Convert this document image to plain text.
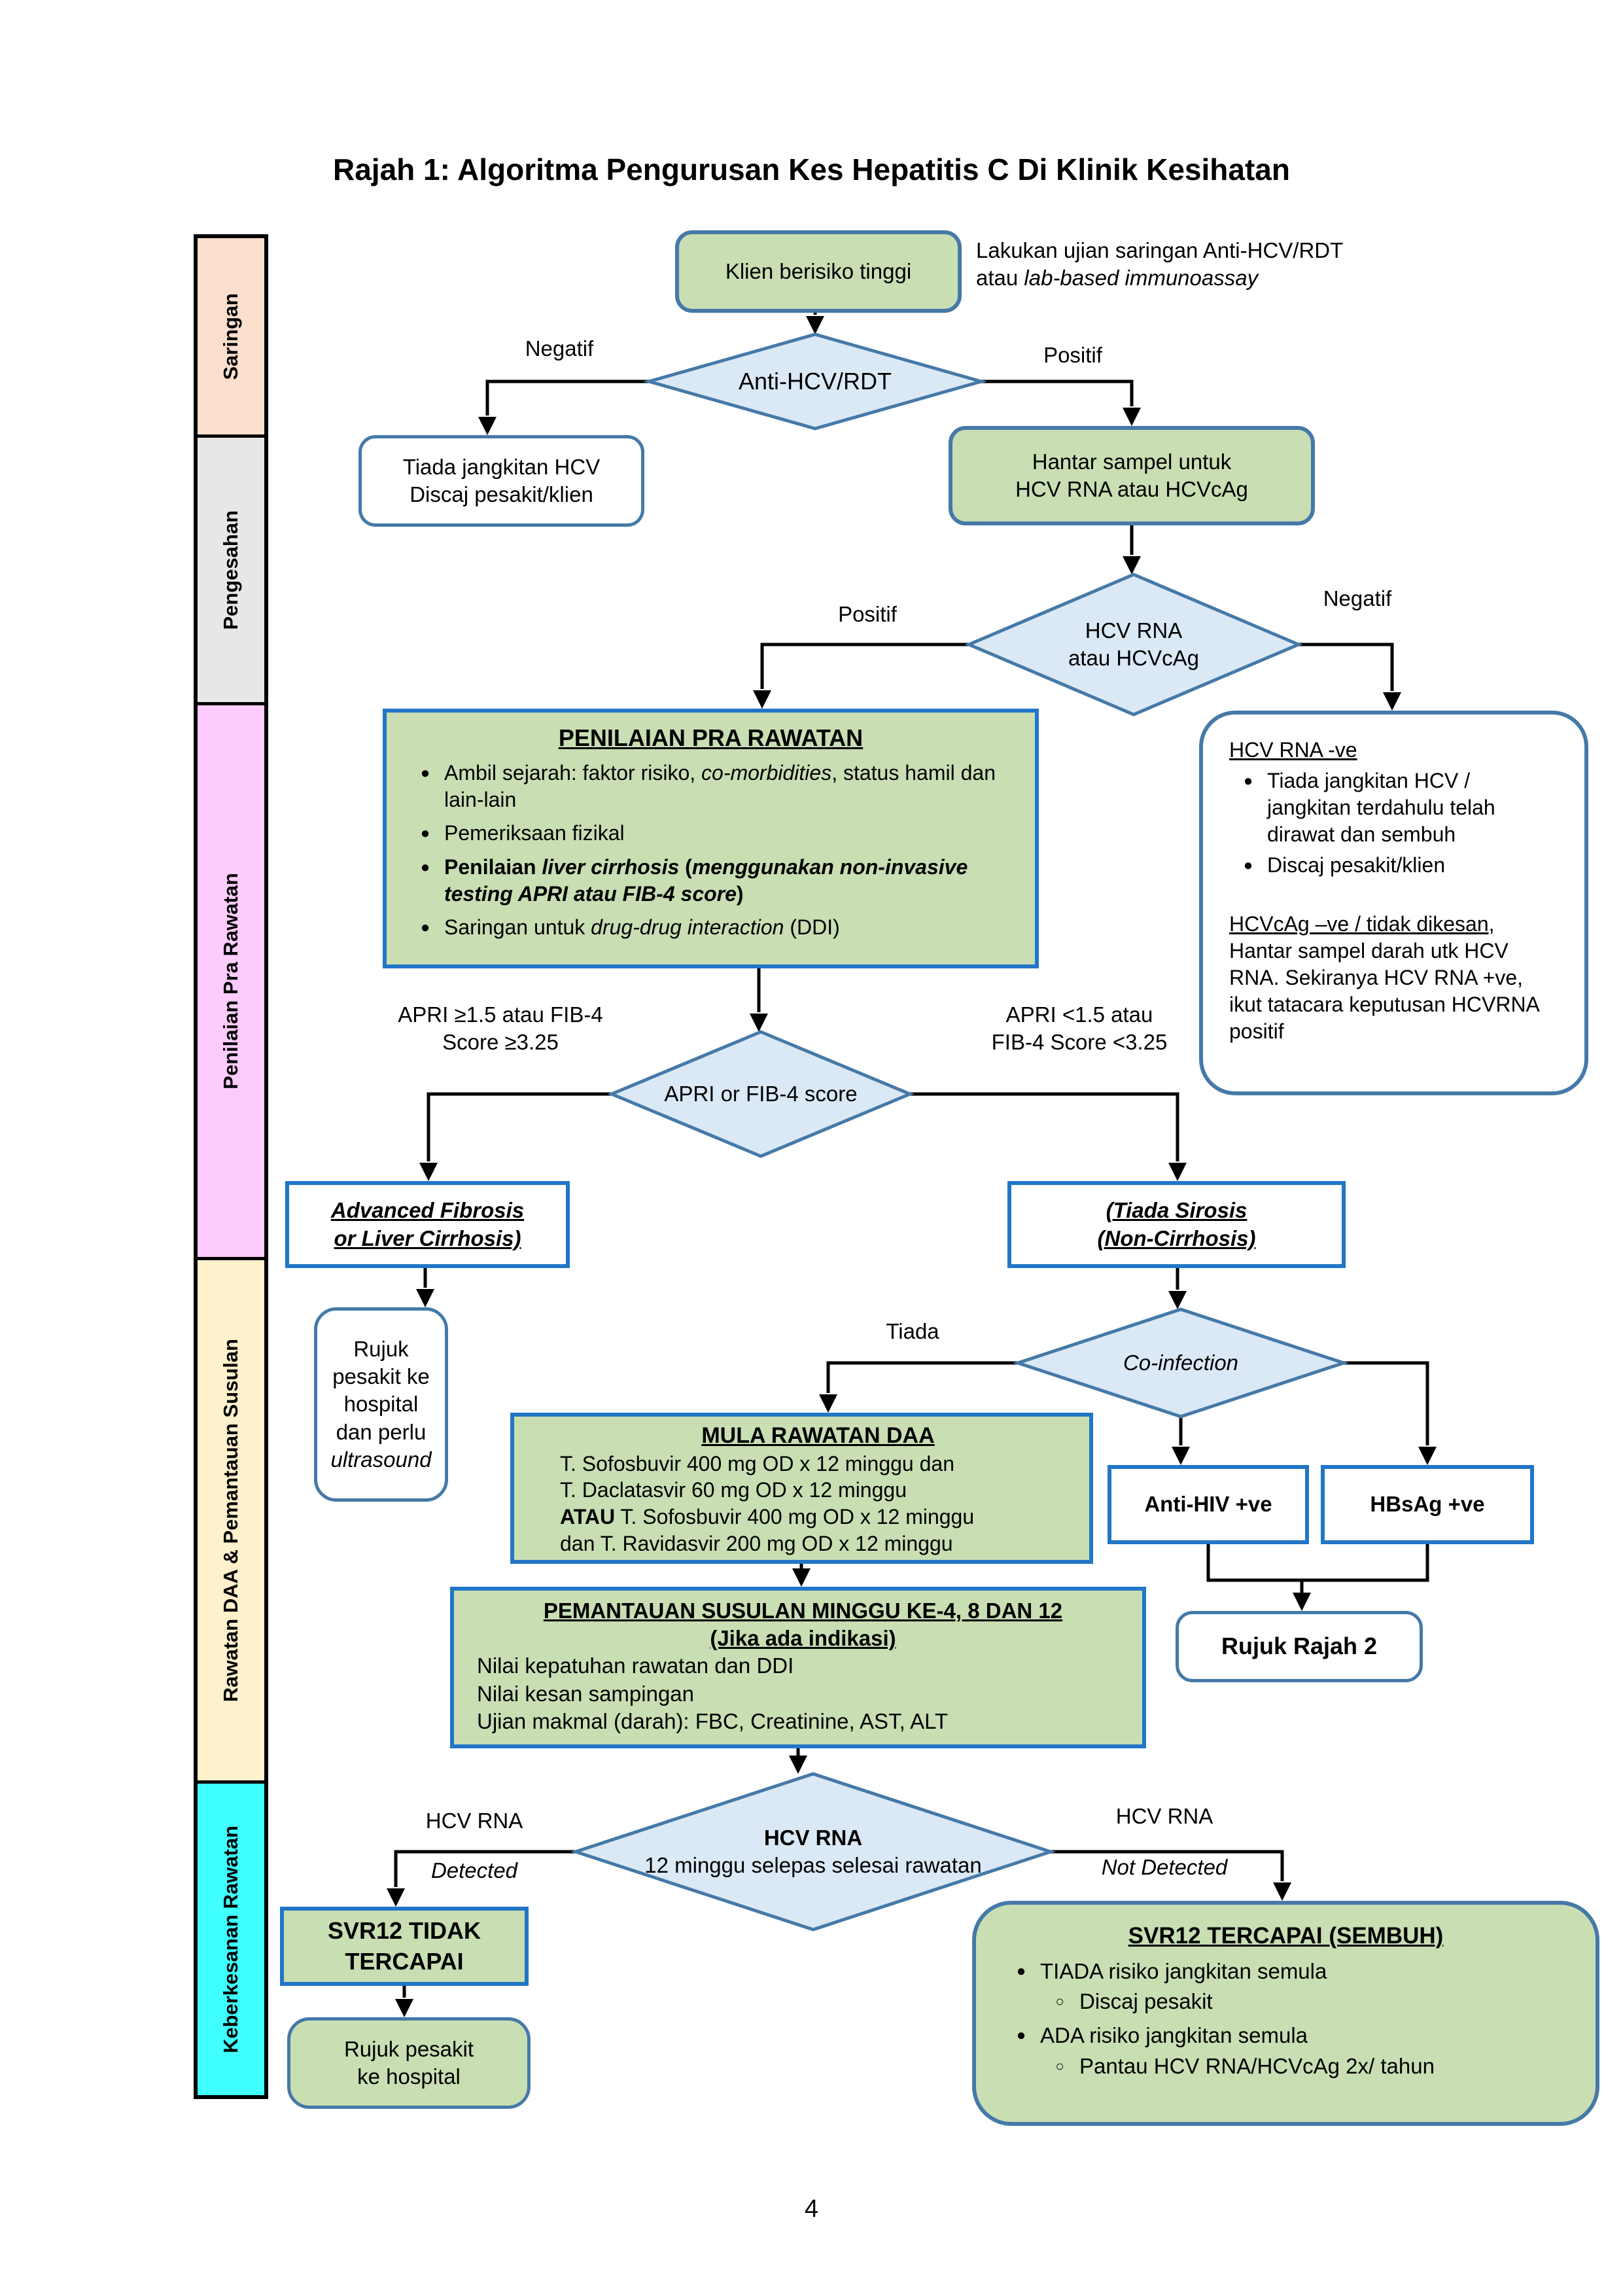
Rajah 1: Algoritma Pengurusan Kes Hepatitis C Di Klinik Kesihatan
Saringan
Pengesahan
Penilaian Pra Rawatan
Rawatan DAA & Pemantauan Susulan
Keberkesanan Rawatan
Klien berisiko tinggi
Lakukan ujian saringan Anti-HCV/RDT
atau lab-based immunoassay
Anti-HCV/RDT
Negatif	Positif
Tiada jangkitan HCV
Discaj pesakit/klien
Hantar sampel untuk
HCV RNA atau HCVcAg
HCV RNA
atau HCVcAg
Positif
Negatif
PENILAIAN PRA RAWATAN
● Ambil sejarah: faktor risiko, co-morbidities, status hamil dan lain-lain
● Pemeriksaan fizikal
● Penilaian liver cirrhosis (menggunakan non-invasive testing APRI atau FIB-4 score)
● Saringan untuk drug-drug interaction (DDI)
HCV RNA -ve
● Tiada jangkitan HCV / jangkitan terdahulu telah dirawat dan sembuh
● Discaj pesakit/klien
HCVcAg –ve / tidak dikesan,
Hantar sampel darah utk HCV RNA. Sekiranya HCV RNA +ve, ikut tatacara keputusan HCVRNA positif
APRI or FIB-4 score
APRI ≥1.5 atau FIB-4
Score ≥3.25
APRI <1.5 atau
FIB-4 Score <3.25
Advanced Fibrosis
or Liver Cirrhosis)
(Tiada Sirosis
(Non-Cirrhosis)
Rujuk
pesakit ke
hospital
dan perlu
ultrasound
Co-infection
Tiada
MULA RAWATAN DAA
T. Sofosbuvir 400 mg OD x 12 minggu dan
T. Daclatasvir 60 mg OD x 12 minggu
ATAU T. Sofosbuvir 400 mg OD x 12 minggu
dan T. Ravidasvir 200 mg OD x 12 minggu
Anti-HIV +ve	HBsAg +ve
Rujuk Rajah 2
PEMANTAUAN SUSULAN MINGGU KE-4, 8 DAN 12
(Jika ada indikasi)
Nilai kepatuhan rawatan dan DDI
Nilai kesan sampingan
Ujian makmal (darah): FBC, Creatinine, AST, ALT
HCV RNA
12 minggu selepas selesai rawatan
HCV RNA
Detected
HCV RNA
Not Detected
SVR12 TIDAK
TERCAPAI
Rujuk pesakit
ke hospital
SVR12 TERCAPAI (SEMBUH)
● TIADA risiko jangkitan semula
○ Discaj pesakit
● ADA risiko jangkitan semula
○ Pantau HCV RNA/HCVcAg 2x/ tahun
4
